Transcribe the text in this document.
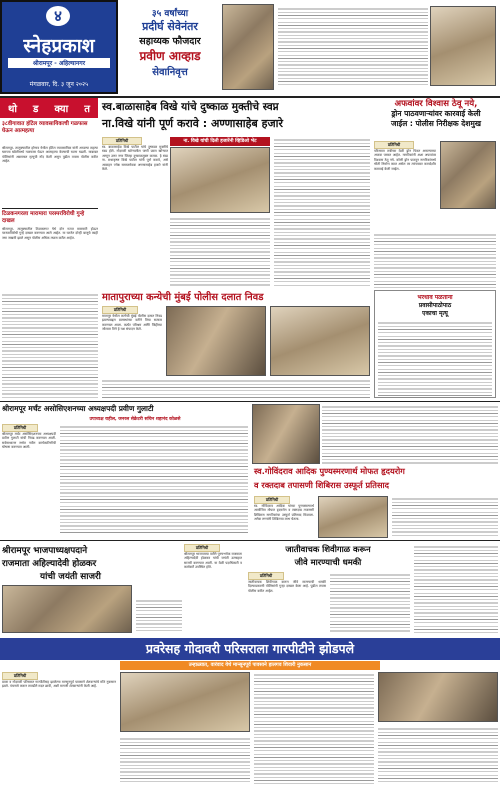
४
स्नेहप्रकाश
श्रीरामपूर - अहिल्यानगर
मंगळवार, दि. ३ जून २०२५
३५ वर्षांच्या
प्रदीर्घ सेवेनंतर
सहाय्यक फौजदार
प्रवीण आव्हाड
सेवानिवृत्त
थो ड क्या त स्व.बाळासाहेब विखे यांचे दुष्काळ मुक्तीचे स्वप्न
ना.विखे यांनी पूर्ण करावे : अण्णासाहेब हजारे
अफवांवर विश्वास ठेवू नये,
ड्रोन पाठवणाऱ्यांवर कारवाई केली
जाईल : पोलीस निरीक्षक देशमुख
३८वीगावात हॉटेल व्यावसायिकाची गळफास घेऊन आत्महत्या
श्रीरामपूर- तालुक्यातील हरेगाव येथील हॉटेल व्यावसायिक यांनी आपल्या राहत्या घराच्या खोलीमध्ये गळफास घेऊन आत्महत्या केल्याची घटना घडली. याबाबत पोलिसांनी अकस्मात मृत्यूची नोंद केली असून पुढील तपास पोलीस करीत आहेत.
टिळकनगरला मारामारा परस्परविरोधी गुन्हे दाखल
श्रीरामपूर- तालुक्यातील टिळकनगर येथे दोन गटात मारामारी होऊन परस्परविरोधी गुन्हे दाखल करण्यात आले आहेत. या घटनेत दोन्ही बाजूचे काही जण जखमी झाले असून पोलीस अधिक तपास करीत आहेत.
प्रतिनिधी
स्व. बाळासाहेब विखे पाटील यांचे दुष्काळ मुक्तीचे स्वप्न होते. गोदावरी खोऱ्यातील पाणी प्रवरा खोऱ्यात आणून उत्तर नगर जिल्हा दुष्काळमुक्त करावा. हे स्वप्न ना. राधाकृष्ण विखे पाटील यांनी पूर्ण करावे, असे आवाहन ज्येष्ठ समाजसेवक अण्णासाहेब हजारे यांनी केले.
ना. विखे यांची दिली हजारेंनी व्हिडिओ भेट
प्रतिनिधी
परिसरात रात्रीच्या वेळी ड्रोन फिरत असल्याच्या अफवा पसरत आहेत. नागरिकांनी अशा अफवांवर विश्वास ठेवू नये. कोणी ड्रोन पाठवून नागरिकांमध्ये भीती निर्माण करत असेल तर त्यांच्यावर कायदेशीर कारवाई केली जाईल.
मातापुराच्या कन्येची मुंबई पोलीस दलात निवड
प्रतिनिधी
मातापूर येथील कन्येची मुंबई पोलीस दलात निवड झाल्याबद्दल ग्रामस्थांच्या वतीने तिचा सत्कार करण्यात आला. कठोर परिश्रम आणि जिद्दीच्या जोरावर तिने हे यश संपादन केले.
भरधाव पळताना
प्रवासीपाठोपाठ
एकाचा मृत्यू
श्रीरामपूर मर्चंट असोसिएशनच्या अध्यक्षपदी प्रवीण गुलाटी
उपाध्यक्ष राहील, जनरल सेक्रेटरी सचिन शहानंद कोळसे
प्रतिनिधी
श्रीरामपूर मर्चंट असोसिएशनच्या अध्यक्षपदी प्रवीण गुलाटी यांची निवड करण्यात आली. सर्वसाधारण सभेत नवीन कार्यकारिणीची घोषणा करण्यात आली.
स्व.गोविंदराव आदिक पुण्यस्मरणार्थ मोफत हृदयरोग
व रक्तदाब तपासणी शिबिरास उस्फूर्त प्रतिसाद
प्रतिनिधी
स्व. गोविंदराव आदिक यांच्या पुण्यस्मरणार्थ आयोजित मोफत हृदयरोग व रक्तदाब तपासणी शिबिरास नागरिकांचा उस्फूर्त प्रतिसाद मिळाला. अनेक रुग्णांनी शिबिराचा लाभ घेतला.
श्रीरामपूर भाजपाध्यक्षपदाने
राजमाता अहिल्यादेवी होळकर
यांची जयंती साजरी
प्रतिनिधी
श्रीरामपूर भाजपाच्या वतीने पुण्यश्लोक राजमाता अहिल्यादेवी होळकर यांची जयंती उत्साहात साजरी करण्यात आली. या वेळी पदाधिकारी व कार्यकर्ते उपस्थित होते.
जातीवाचक शिवीगाळ करून
जीवे मारण्याची धमकी
प्रतिनिधी
जातीवाचक शिवीगाळ करून जीवे मारण्याची धमकी दिल्याप्रकरणी पोलिसांनी गुन्हा दाखल केला आहे. पुढील तपास पोलीस करीत आहेत.
प्रवरेसह गोदावरी परिसराला गारपीटीने झोडपले
उन्हाळ्यात, वारंवाद येथे मान्सूनपूर्व पावसाने हालगव शिवारी नुकसान
प्रतिनिधी
प्रवरा व गोदावरी परिसरात गारपीटीसह झालेल्या मान्सूनपूर्व पावसाने शेतकऱ्यांचे मोठे नुकसान झाले. पंचनामे करून तातडीने मदत द्यावी, अशी मागणी शेतकऱ्यांनी केली आहे.
